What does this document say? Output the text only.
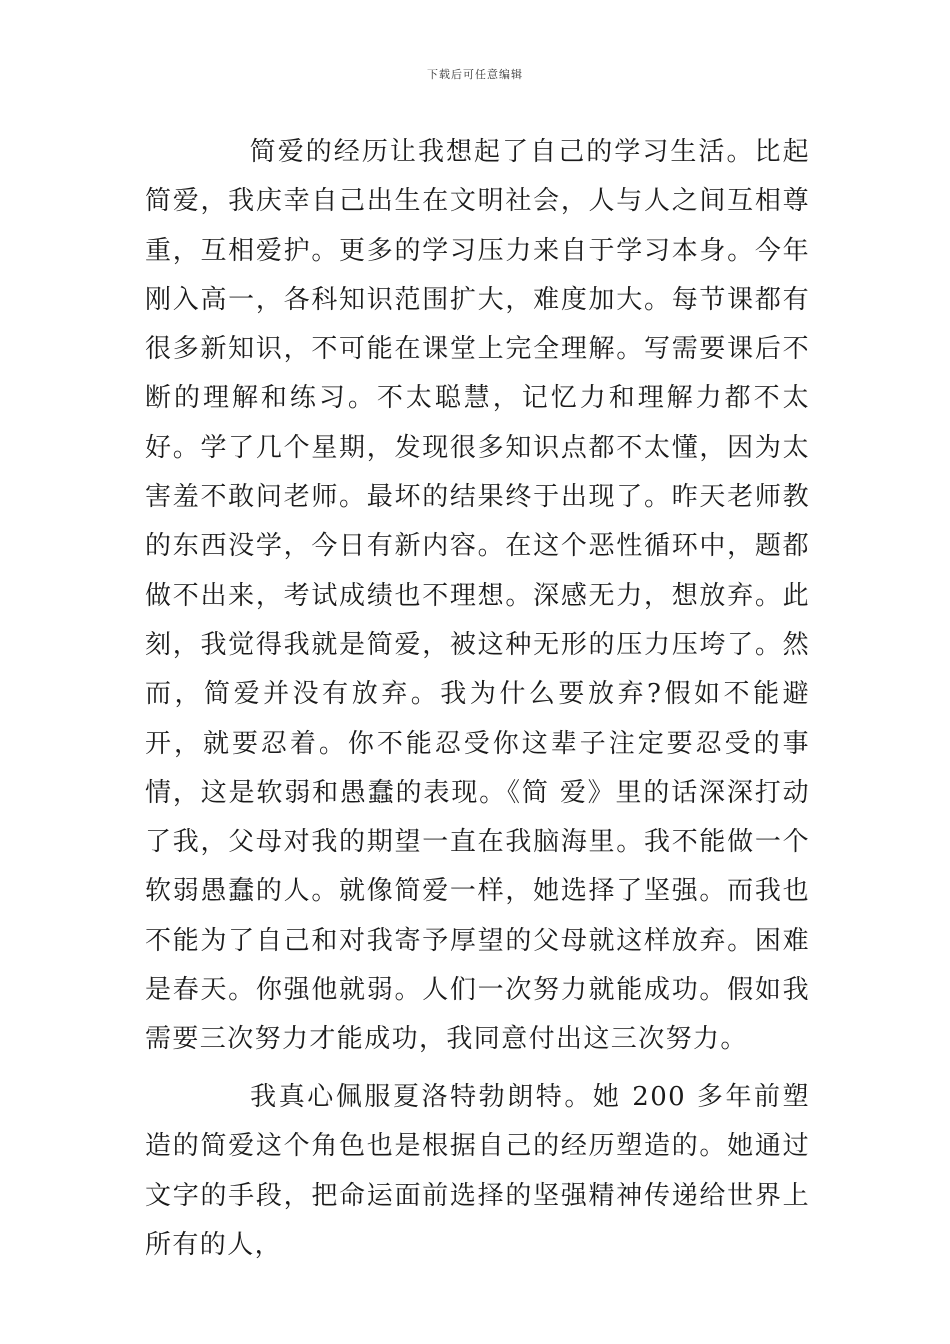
下载后可任意编辑

简爱的经历让我想起了自己的学习生活。比起简爱，我庆幸自己出生在文明社会，人与人之间互相尊重，互相爱护。更多的学习压力来自于学习本身。今年刚入高一，各科知识范围扩大，难度加大。每节课都有很多新知识，不可能在课堂上完全理解。写需要课后不断的理解和练习。不太聪慧，记忆力和理解力都不太好。学了几个星期，发现很多知识点都不太懂，因为太害羞不敢问老师。最坏的结果终于出现了。昨天老师教的东西没学，今日有新内容。在这个恶性循环中，题都做不出来，考试成绩也不理想。深感无力，想放弃。此刻，我觉得我就是简爱，被这种无形的压力压垮了。然而，简爱并没有放弃。我为什么要放弃?假如不能避开，就要忍着。你不能忍受你这辈子注定要忍受的事情，这是软弱和愚蠢的表现。《简 爱》里的话深深打动了我，父母对我的期望一直在我脑海里。我不能做一个软弱愚蠢的人。就像简爱一样，她选择了坚强。而我也不能为了自己和对我寄予厚望的父母就这样放弃。困难是春天。你强他就弱。人们一次努力就能成功。假如我需要三次努力才能成功，我同意付出这三次努力。

我真心佩服夏洛特勃朗特。她 200 多年前塑造的简爱这个角色也是根据自己的经历塑造的。她通过文字的手段，把命运面前选择的坚强精神传递给世界上所有的人，
